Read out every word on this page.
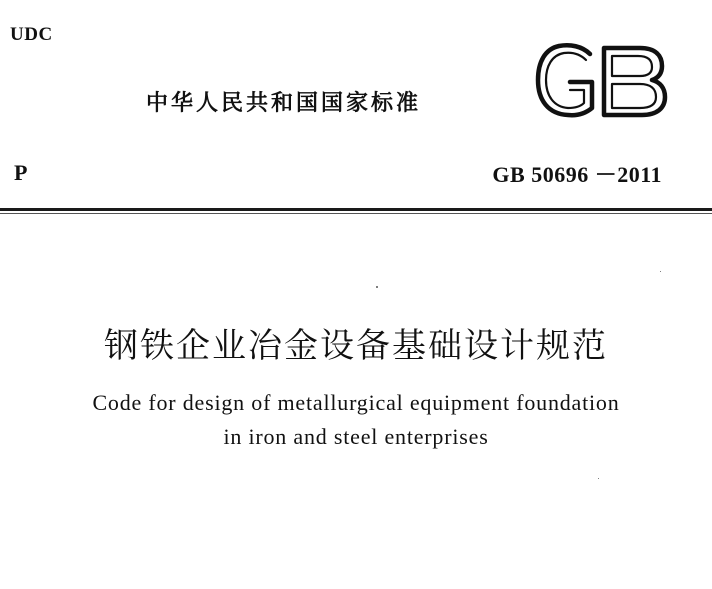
UDC
中华人民共和国国家标准
P	GB 50696 －2011
钢铁企业冶金设备基础设计规范
Code for design of metallurgical equipment foundation
in iron and steel enterprises
